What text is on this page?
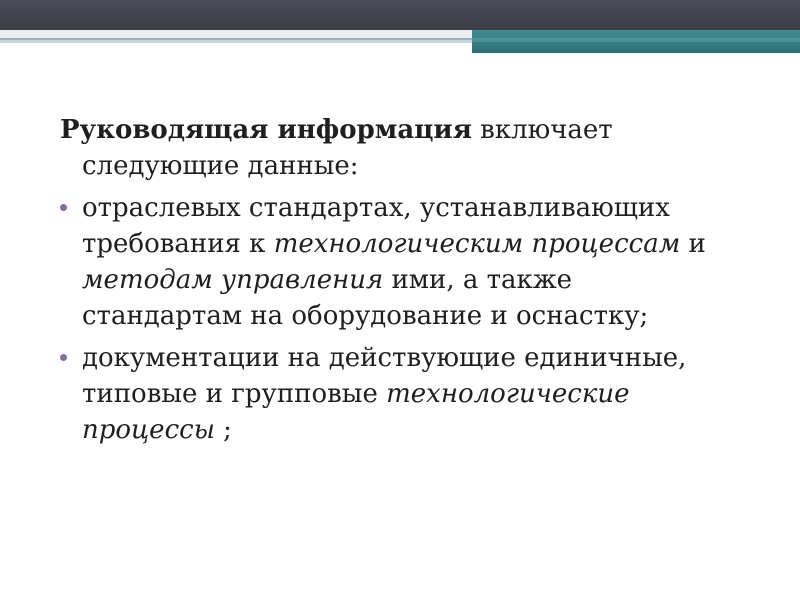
Руководящая информация включает
следующие данные:

отраслевых стандартах, устанавливающих требования к технологическим процессам и методам управления ими, а также стандартам на оборудование и оснастку;
документации на действующие единичные, типовые и групповые технологические процессы ;
